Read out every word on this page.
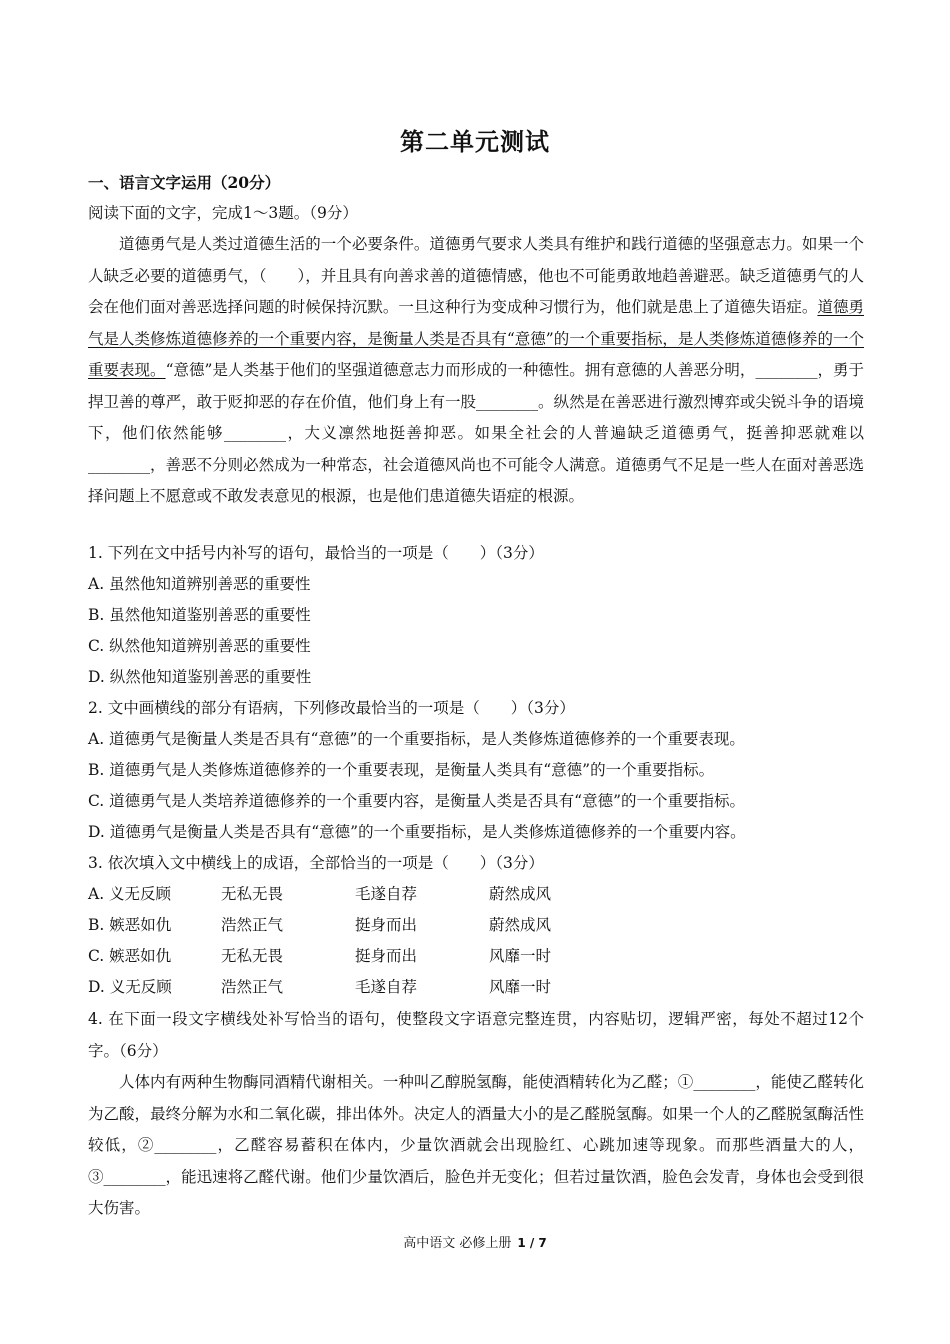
第二单元测试
一、语言文字运用（20分）
阅读下面的文字，完成1～3题。（9分）
道德勇气是人类过道德生活的一个必要条件。道德勇气要求人类具有维护和践行道德的坚强意志力。如果一个人缺乏必要的道德勇气，（　　），并且具有向善求善的道德情感，他也不可能勇敢地趋善避恶。缺乏道德勇气的人会在他们面对善恶选择问题的时候保持沉默。一旦这种行为变成种习惯行为，他们就是患上了道德失语症。道德勇气是人类修炼道德修养的一个重要内容，是衡量人类是否具有“意德”的一个重要指标，是人类修炼道德修养的一个重要表现。“意德”是人类基于他们的坚强道德意志力而形成的一种德性。拥有意德的人善恶分明，________，勇于捍卫善的尊严，敢于贬抑恶的存在价值，他们身上有一股________。纵然是在善恶进行激烈博弈或尖锐斗争的语境下，他们依然能够________，大义凛然地挺善抑恶。如果全社会的人普遍缺乏道德勇气，挺善抑恶就难以________，善恶不分则必然成为一种常态，社会道德风尚也不可能令人满意。道德勇气不足是一些人在面对善恶选择问题上不愿意或不敢发表意见的根源，也是他们患道德失语症的根源。
1. 下列在文中括号内补写的语句，最恰当的一项是（　　）（3分）
A. 虽然他知道辨别善恶的重要性
B. 虽然他知道鉴别善恶的重要性
C. 纵然他知道辨别善恶的重要性
D. 纵然他知道鉴别善恶的重要性
2. 文中画横线的部分有语病，下列修改最恰当的一项是（　　）（3分）
A. 道德勇气是衡量人类是否具有“意德”的一个重要指标，是人类修炼道德修养的一个重要表现。
B. 道德勇气是人类修炼道德修养的一个重要表现，是衡量人类具有“意德”的一个重要指标。
C. 道德勇气是人类培养道德修养的一个重要内容，是衡量人类是否具有“意德”的一个重要指标。
D. 道德勇气是衡量人类是否具有“意德”的一个重要指标，是人类修炼道德修养的一个重要内容。
3. 依次填入文中横线上的成语，全部恰当的一项是（　　）（3分）
A. 义无反顾	无私无畏	毛遂自荐	蔚然成风
B. 嫉恶如仇	浩然正气	挺身而出	蔚然成风
C. 嫉恶如仇	无私无畏	挺身而出	风靡一时
D. 义无反顾	浩然正气	毛遂自荐	风靡一时
4. 在下面一段文字横线处补写恰当的语句，使整段文字语意完整连贯，内容贴切，逻辑严密，每处不超过12个字。（6分）
人体内有两种生物酶同酒精代谢相关。一种叫乙醇脱氢酶，能使酒精转化为乙醛；①________，能使乙醛转化为乙酸，最终分解为水和二氧化碳，排出体外。决定人的酒量大小的是乙醛脱氢酶。如果一个人的乙醛脱氢酶活性较低，②________，乙醛容易蓄积在体内，少量饮酒就会出现脸红、心跳加速等现象。而那些酒量大的人，③________，能迅速将乙醛代谢。他们少量饮酒后，脸色并无变化；但若过量饮酒，脸色会发青，身体也会受到很大伤害。
高中语文 必修上册 1 / 7
